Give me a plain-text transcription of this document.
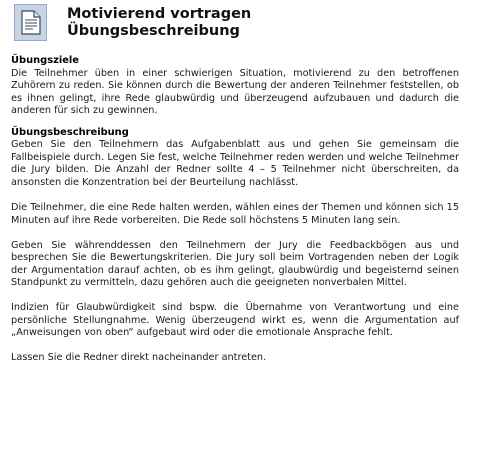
Motivierend vortragen
Übungsbeschreibung
Übungsziele

Die Teilnehmer üben in einer schwierigen Situation, motivierend zu den betroffenen Zuhörern zu reden. Sie können durch die Bewertung der anderen Teilnehmer feststellen, ob es ihnen gelingt, ihre Rede glaubwürdig und überzeugend aufzubauen und dadurch die anderen für sich zu gewinnen.

Übungsbeschreibung

Geben Sie den Teilnehmern das Aufgabenblatt aus und gehen Sie gemeinsam die Fallbeispiele durch. Legen Sie fest, welche Teilnehmer reden werden und welche Teilnehmer die Jury bilden. Die Anzahl der Redner sollte 4 – 5 Teilnehmer nicht überschreiten, da ansonsten die Konzentration bei der Beurteilung nachlässt.

Die Teilnehmer, die eine Rede halten werden, wählen eines der Themen und können sich 15 Minuten auf ihre Rede vorbereiten. Die Rede soll höchstens 5 Minuten lang sein.

Geben Sie währenddessen den Teilnehmern der Jury die Feedbackbögen aus und besprechen Sie die Bewertungskriterien. Die Jury soll beim Vortragenden neben der Logik der Argumentation darauf achten, ob es ihm gelingt, glaubwürdig und begeisternd seinen Standpunkt zu vermitteln, dazu gehören auch die geeigneten nonverbalen Mittel.

Indizien für Glaubwürdigkeit sind bspw. die Übernahme von Verantwortung und eine persönliche Stellungnahme. Wenig überzeugend wirkt es, wenn die Argumentation auf „Anweisungen von oben“ aufgebaut wird oder die emotionale Ansprache fehlt.

Lassen Sie die Redner direkt nacheinander antreten.
